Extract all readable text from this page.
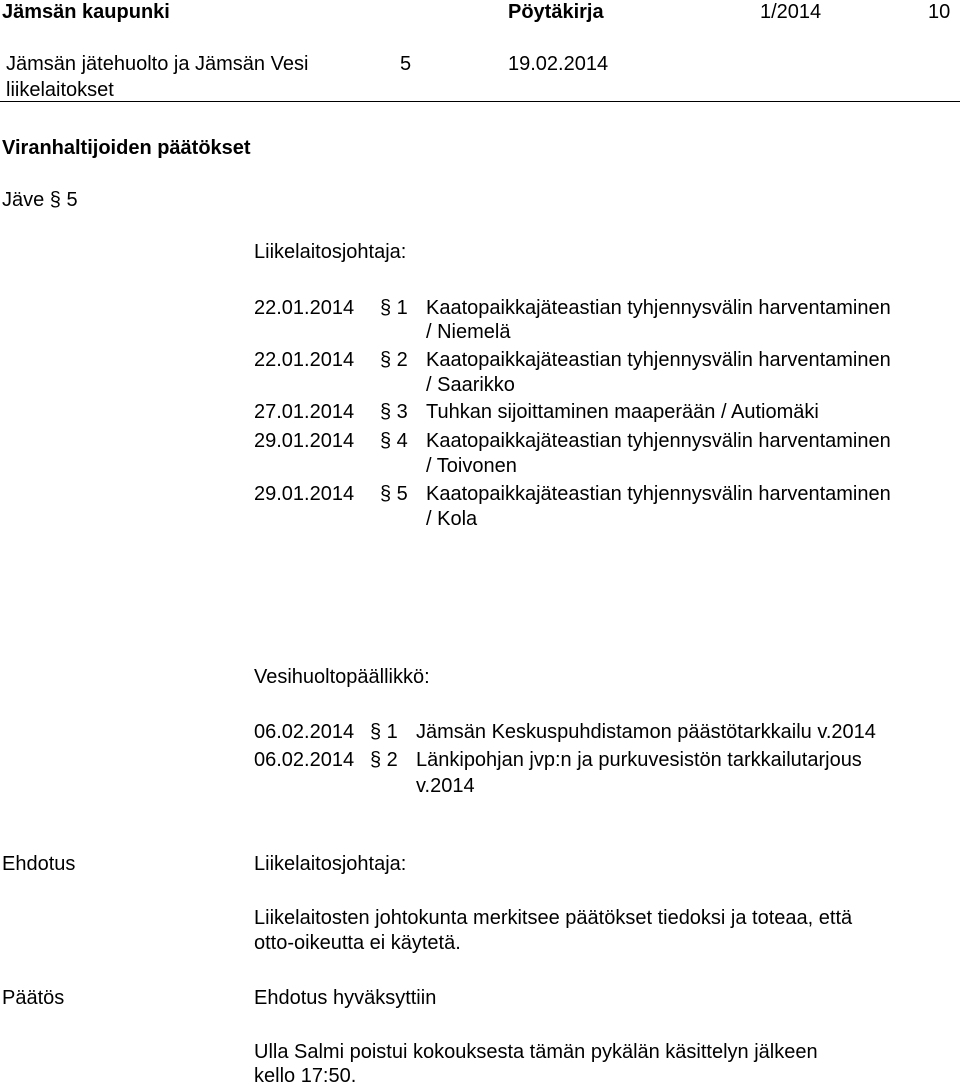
Jämsän kaupunki	Pöytäkirja	1/2014	10
Jämsän jätehuolto ja Jämsän Vesi
liikelaitokset
5	19.02.2014
Viranhaltijoiden päätökset
Jäve § 5
Liikelaitosjohtaja:
22.01.2014 § 1 Kaatopaikkajäteastian tyhjennysvälin harventaminen
/ Niemelä
22.01.2014 § 2 Kaatopaikkajäteastian tyhjennysvälin harventaminen
/ Saarikko
27.01.2014 § 3 Tuhkan sijoittaminen maaperään / Autiomäki
29.01.2014 § 4 Kaatopaikkajäteastian tyhjennysvälin harventaminen
/ Toivonen
29.01.2014 § 5 Kaatopaikkajäteastian tyhjennysvälin harventaminen
/ Kola
Vesihuoltopäällikkö:
06.02.2014 § 1 Jämsän Keskuspuhdistamon päästötarkkailu v.2014
06.02.2014 § 2 Länkipohjan jvp:n ja purkuvesistön tarkkailutarjous
v.2014
Ehdotus	Liikelaitosjohtaja:
Liikelaitosten johtokunta merkitsee päätökset tiedoksi ja toteaa, että
otto-oikeutta ei käytetä.
Päätös	Ehdotus hyväksyttiin
Ulla Salmi poistui kokouksesta tämän pykälän käsittelyn jälkeen
kello 17:50.
